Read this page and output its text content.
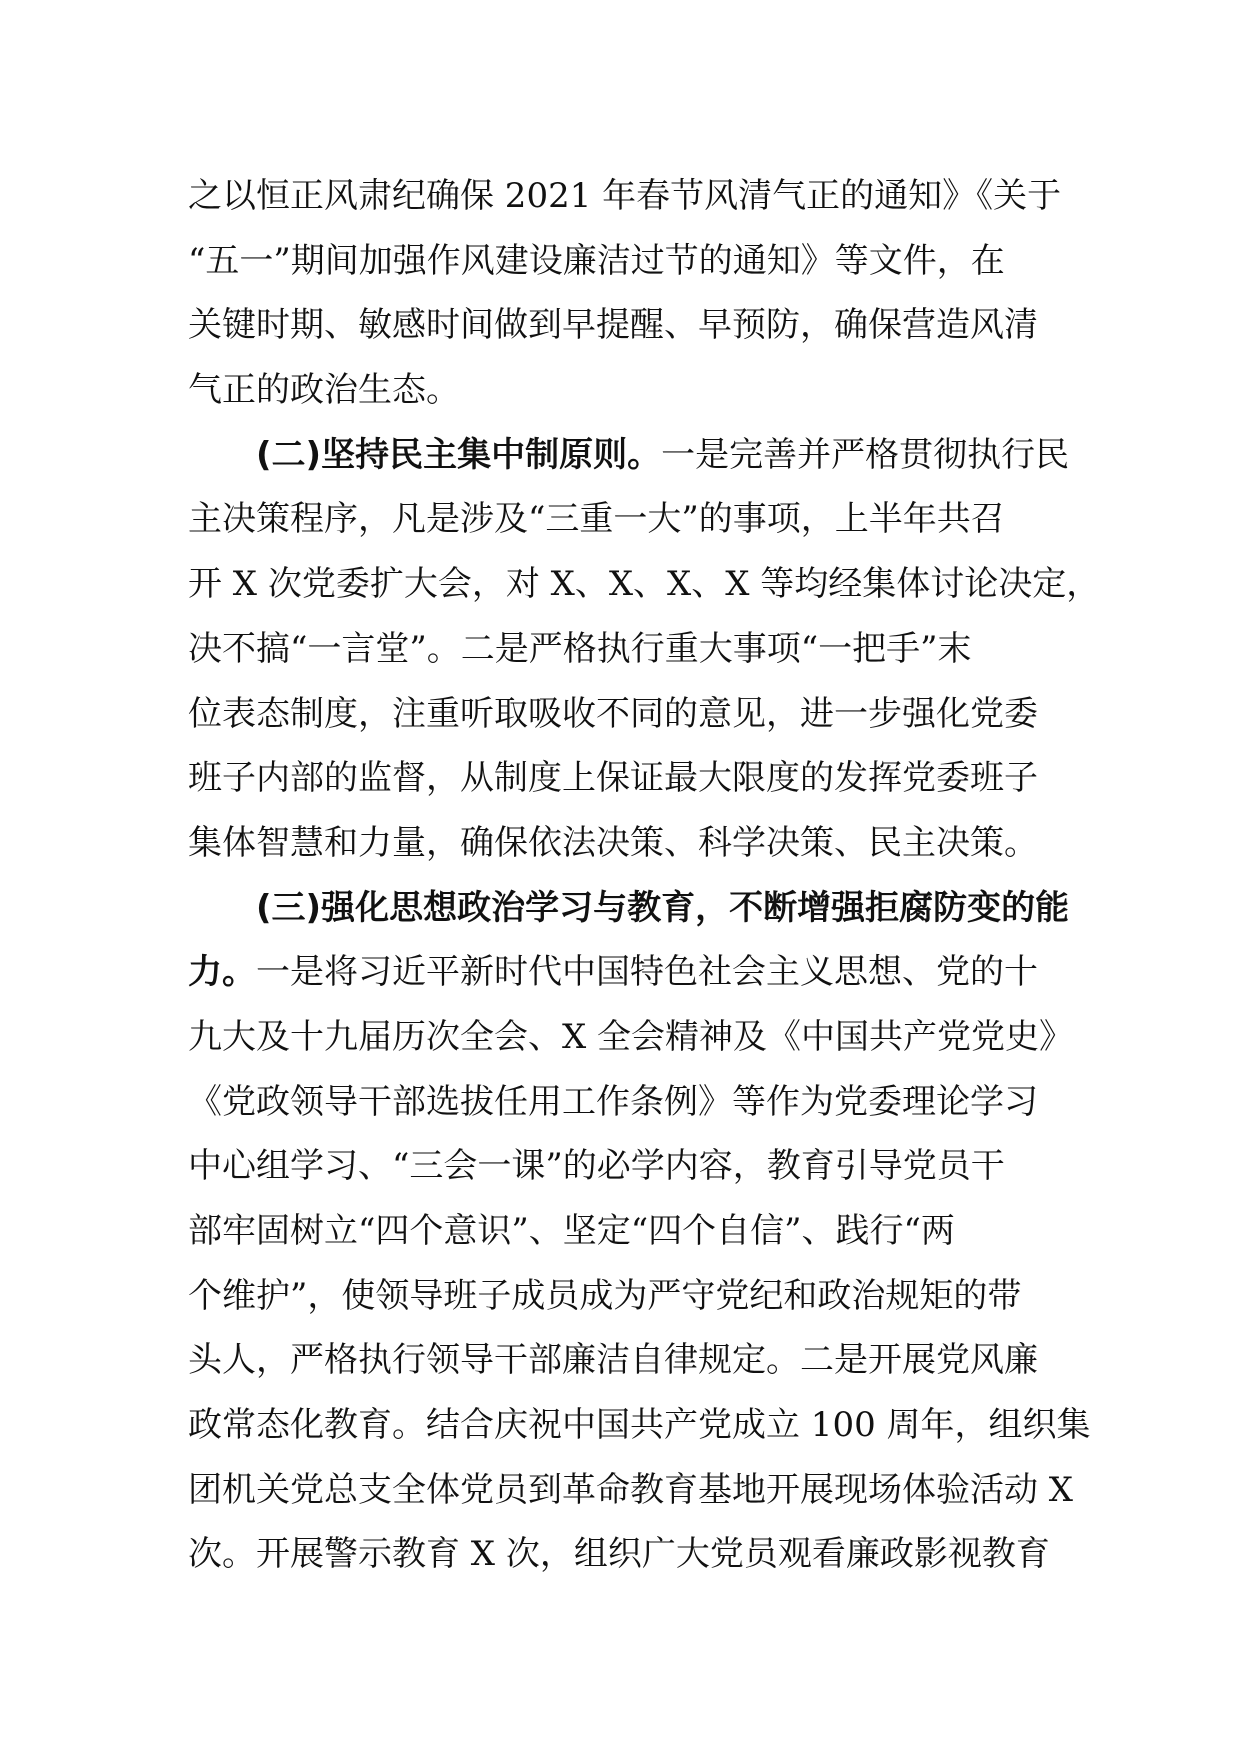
之以恒正风肃纪确保 2021 年春节风清气正的通知》《关于
“五一”期间加强作风建设廉洁过节的通知》等文件，在
关键时期、敏感时间做到早提醒、早预防，确保营造风清
气正的政治生态。
(二)坚持民主集中制原则。一是完善并严格贯彻执行民
主决策程序，凡是涉及“三重一大”的事项，上半年共召
开 X 次党委扩大会，对 X、X、X、X 等均经集体讨论决定，
决不搞“一言堂”。二是严格执行重大事项“一把手”末
位表态制度，注重听取吸收不同的意见，进一步强化党委
班子内部的监督，从制度上保证最大限度的发挥党委班子
集体智慧和力量，确保依法决策、科学决策、民主决策。
(三)强化思想政治学习与教育，不断增强拒腐防变的能
力。一是将习近平新时代中国特色社会主义思想、党的十
九大及十九届历次全会、X 全会精神及《中国共产党党史》
《党政领导干部选拔任用工作条例》等作为党委理论学习
中心组学习、“三会一课”的必学内容，教育引导党员干
部牢固树立“四个意识”、坚定“四个自信”、践行“两
个维护”，使领导班子成员成为严守党纪和政治规矩的带
头人，严格执行领导干部廉洁自律规定。二是开展党风廉
政常态化教育。结合庆祝中国共产党成立 100 周年，组织集
团机关党总支全体党员到革命教育基地开展现场体验活动 X
次。开展警示教育 X 次，组织广大党员观看廉政影视教育
